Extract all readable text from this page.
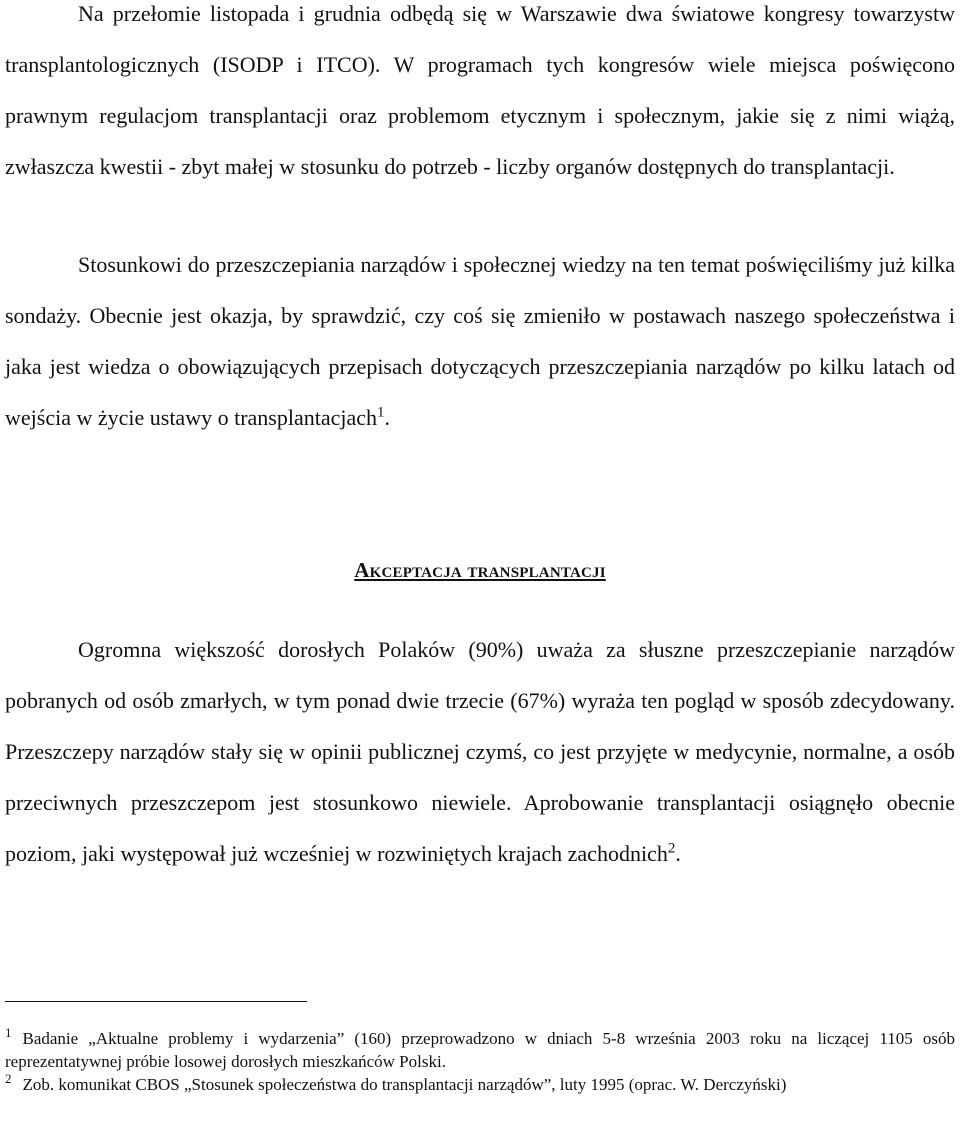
Na przełomie listopada i grudnia odbędą się w Warszawie dwa światowe kongresy towarzystw transplantologicznych (ISODP i ITCO). W programach tych kongresów wiele miejsca poświęcono prawnym regulacjom transplantacji oraz problemom etycznym i społecznym, jakie się z nimi wiążą, zwłaszcza kwestii - zbyt małej w stosunku do potrzeb - liczby organów dostępnych do transplantacji.

Stosunkowi do przeszczepiania narządów i społecznej wiedzy na ten temat poświęciliśmy już kilka sondaży. Obecnie jest okazja, by sprawdzić, czy coś się zmieniło w postawach naszego społeczeństwa i jaka jest wiedza o obowiązujących przepisach dotyczących przeszczepiania narządów po kilku latach od wejścia w życie ustawy o transplantacjach$^1$.

Akceptacja transplantacji

Ogromna większość dorosłych Polaków (90%) uważa za słuszne przeszczepianie narządów pobranych od osób zmarłych, w tym ponad dwie trzecie (67%) wyraża ten pogląd w sposób zdecydowany. Przeszczepy narządów stały się w opinii publicznej czymś, co jest przyjęte w medycynie, normalne, a osób przeciwnych przeszczepom jest stosunkowo niewiele. Aprobowanie transplantacji osiągnęło obecnie poziom, jaki występował już wcześniej w rozwiniętych krajach zachodnich$^2$.

$^1$ Badanie „Aktualne problemy i wydarzenia” (160) przeprowadzono w dniach 5-8 września 2003 roku na liczącej 1105 osób reprezentatywnej próbie losowej dorosłych mieszkańców Polski.

$^2$ Zob. komunikat CBOS „Stosunek społeczeństwa do transplantacji narządów”, luty 1995 (oprac. W. Derczyński)
